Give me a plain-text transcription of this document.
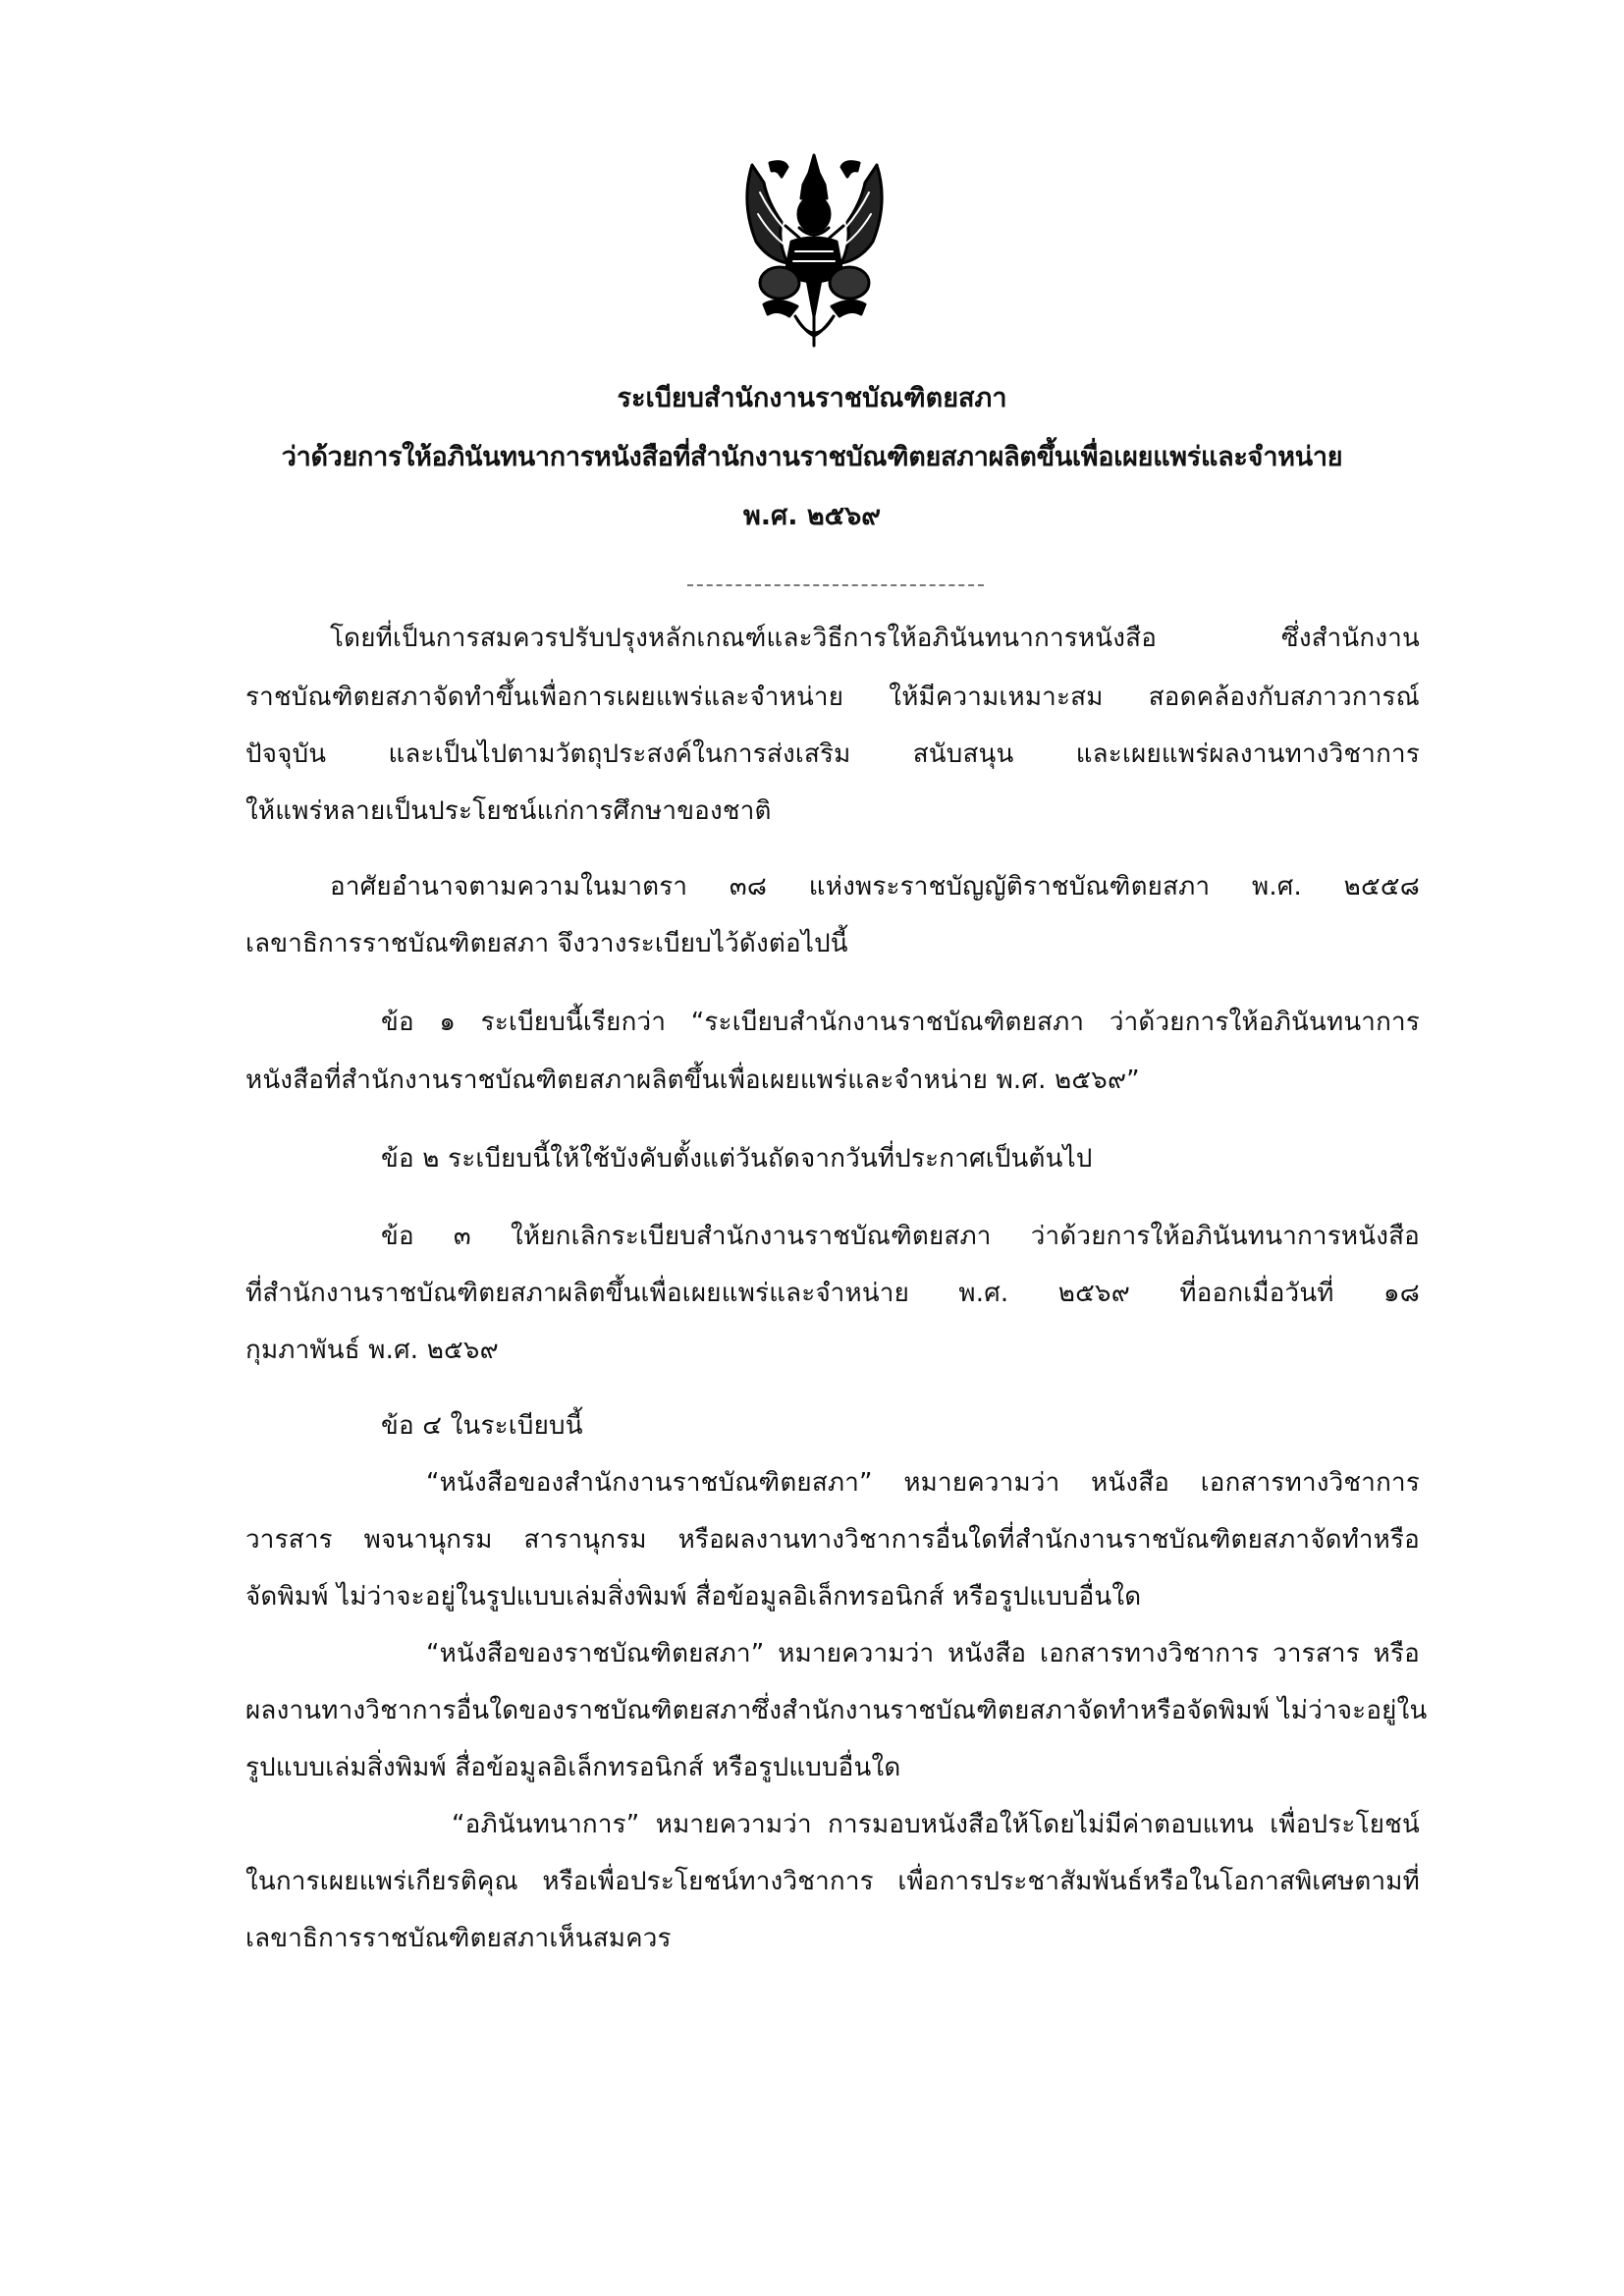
ระเบียบสำนักงานราชบัณฑิตยสภา
ว่าด้วยการให้อภินันทนาการหนังสือที่สำนักงานราชบัณฑิตยสภาผลิตขึ้นเพื่อเผยแพร่และจำหน่าย
พ.ศ. ๒๕๖๙
โดยที่เป็นการสมควรปรับปรุงหลักเกณฑ์และวิธีการให้อภินันทนาการหนังสือ ซึ่งสำนักงาน
ราชบัณฑิตยสภาจัดทำขึ้นเพื่อการเผยแพร่และจำหน่าย ให้มีความเหมาะสม สอดคล้องกับสภาวการณ์
ปัจจุบัน และเป็นไปตามวัตถุประสงค์ในการส่งเสริม สนับสนุน และเผยแพร่ผลงานทางวิชาการ
ให้แพร่หลายเป็นประโยชน์แก่การศึกษาของชาติ
อาศัยอำนาจตามความในมาตรา ๓๘ แห่งพระราชบัญญัติราชบัณฑิตยสภา พ.ศ. ๒๕๕๘
เลขาธิการราชบัณฑิตยสภา จึงวางระเบียบไว้ดังต่อไปนี้
ข้อ ๑ ระเบียบนี้เรียกว่า “ระเบียบสำนักงานราชบัณฑิตยสภา ว่าด้วยการให้อภินันทนาการ
หนังสือที่สำนักงานราชบัณฑิตยสภาผลิตขึ้นเพื่อเผยแพร่และจำหน่าย พ.ศ. ๒๕๖๙”
ข้อ ๒ ระเบียบนี้ให้ใช้บังคับตั้งแต่วันถัดจากวันที่ประกาศเป็นต้นไป
ข้อ ๓ ให้ยกเลิกระเบียบสำนักงานราชบัณฑิตยสภา ว่าด้วยการให้อภินันทนาการหนังสือ
ที่สำนักงานราชบัณฑิตยสภาผลิตขึ้นเพื่อเผยแพร่และจำหน่าย พ.ศ. ๒๕๖๙ ที่ออกเมื่อวันที่ ๑๘
กุมภาพันธ์ พ.ศ. ๒๕๖๙
ข้อ ๔ ในระเบียบนี้
“หนังสือของสำนักงานราชบัณฑิตยสภา” หมายความว่า หนังสือ เอกสารทางวิชาการ
วารสาร พจนานุกรม สารานุกรม หรือผลงานทางวิชาการอื่นใดที่สำนักงานราชบัณฑิตยสภาจัดทำหรือ
จัดพิมพ์ ไม่ว่าจะอยู่ในรูปแบบเล่มสิ่งพิมพ์ สื่อข้อมูลอิเล็กทรอนิกส์ หรือรูปแบบอื่นใด
“หนังสือของราชบัณฑิตยสภา” หมายความว่า หนังสือ เอกสารทางวิชาการ วารสาร หรือ
ผลงานทางวิชาการอื่นใดของราชบัณฑิตยสภาซึ่งสำนักงานราชบัณฑิตยสภาจัดทำหรือจัดพิมพ์ ไม่ว่าจะอยู่ใน
รูปแบบเล่มสิ่งพิมพ์ สื่อข้อมูลอิเล็กทรอนิกส์ หรือรูปแบบอื่นใด
“อภินันทนาการ” หมายความว่า การมอบหนังสือให้โดยไม่มีค่าตอบแทน เพื่อประโยชน์
ในการเผยแพร่เกียรติคุณ หรือเพื่อประโยชน์ทางวิชาการ เพื่อการประชาสัมพันธ์หรือในโอกาสพิเศษตามที่
เลขาธิการราชบัณฑิตยสภาเห็นสมควร
